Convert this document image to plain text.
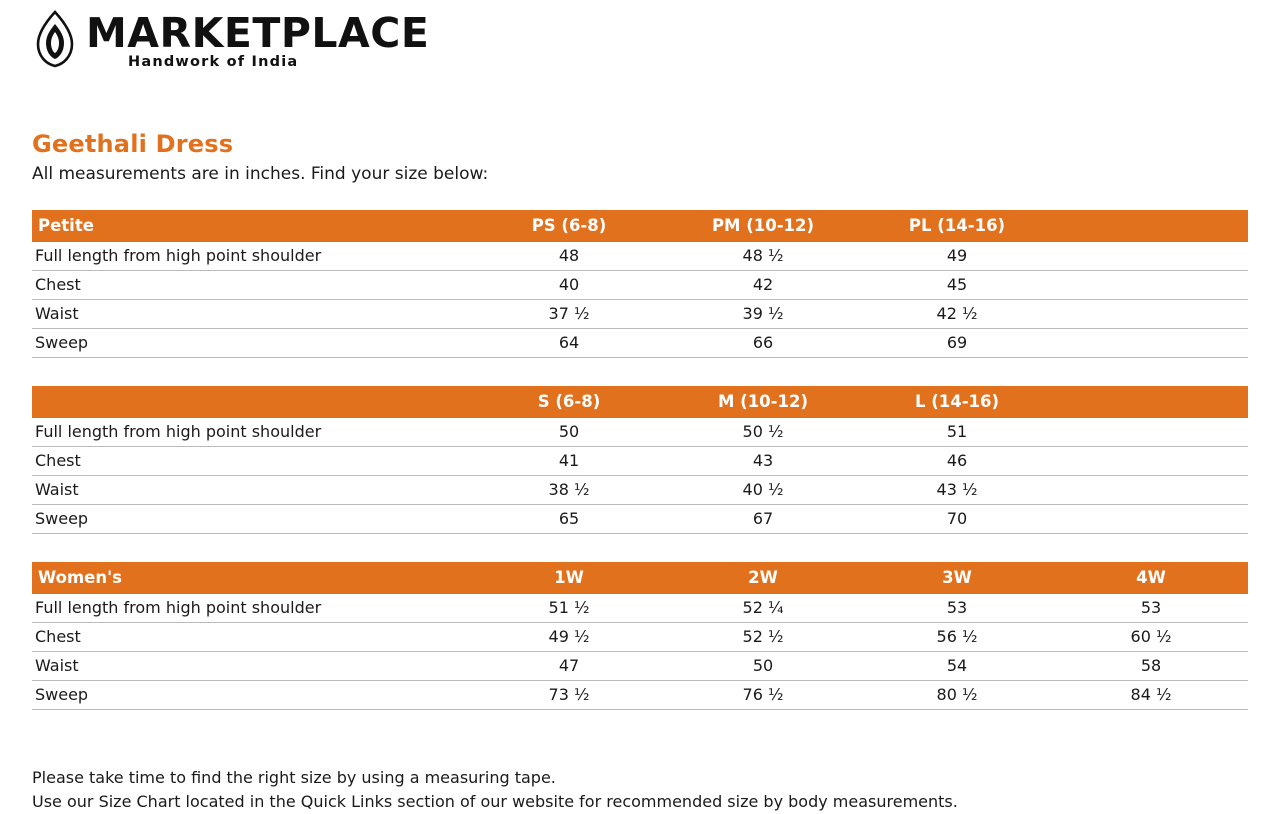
MARKETPLACE
Handwork of India
Geethali Dress

All measurements are in inches. Find your size below:

Petite	PS (6-8)	PM (10-12)	PL (14-16)	
Full length from high point shoulder	48	48 ½	49	
Chest	40	42	45	
Waist	37 ½	39 ½	42 ½	
Sweep	64	66	69	
	S (6-8)	M (10-12)	L (14-16)	
Full length from high point shoulder	50	50 ½	51	
Chest	41	43	46	
Waist	38 ½	40 ½	43 ½	
Sweep	65	67	70	
Women's	1W	2W	3W	4W
Full length from high point shoulder	51 ½	52 ¼	53	53
Chest	49 ½	52 ½	56 ½	60 ½
Waist	47	50	54	58
Sweep	73 ½	76 ½	80 ½	84 ½
Please take time to find the right size by using a measuring tape.
Use our Size Chart located in the Quick Links section of our website for recommended size by body measurements.
